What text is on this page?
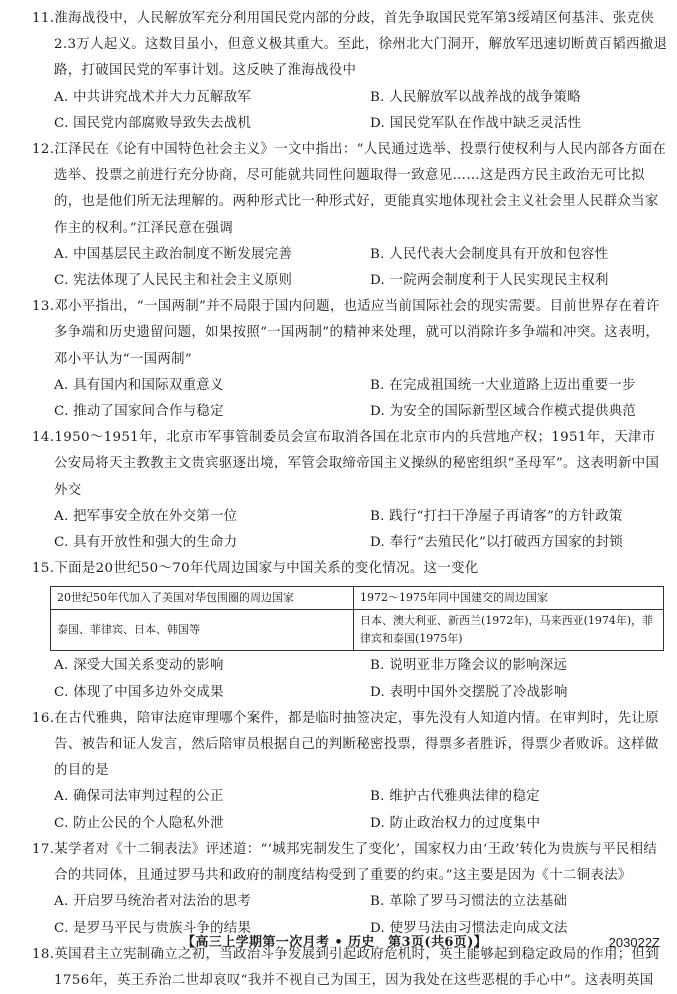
11.淮海战役中，人民解放军充分利用国民党内部的分歧，首先争取国民党军第3绥靖区何基沣、张克侠2.3万人起义。这数目虽小，但意义极其重大。至此，徐州北大门洞开，解放军迅速切断黄百韬西撤退路，打破国民党的军事计划。这反映了淮海战役中
A. 中共讲究战术并大力瓦解敌军	B. 人民解放军以战养战的战争策略
C. 国民党内部腐败导致失去战机	D. 国民党军队在作战中缺乏灵活性
12.江泽民在《论有中国特色社会主义》一文中指出：“人民通过选举、投票行使权利与人民内部各方面在选举、投票之前进行充分协商，尽可能就共同性问题取得一致意见……这是西方民主政治无可比拟的，也是他们所无法理解的。两种形式比一种形式好，更能真实地体现社会主义社会里人民群众当家作主的权利。”江泽民意在强调
A. 中国基层民主政治制度不断发展完善	B. 人民代表大会制度具有开放和包容性
C. 宪法体现了人民民主和社会主义原则	D. 一院两会制度利于人民实现民主权利
13.邓小平指出，“一国两制”并不局限于国内问题，也适应当前国际社会的现实需要。目前世界存在着许多争端和历史遗留问题，如果按照“一国两制”的精神来处理，就可以消除许多争端和冲突。这表明，邓小平认为“一国两制”
A. 具有国内和国际双重意义	B. 在完成祖国统一大业道路上迈出重要一步
C. 推动了国家间合作与稳定	D. 为安全的国际新型区域合作模式提供典范
14.1950～1951年，北京市军事管制委员会宣布取消各国在北京市内的兵营地产权；1951年，天津市公安局将天主教教主文贵宾驱逐出境，军管会取缔帝国主义操纵的秘密组织“圣母军”。这表明新中国外交
A. 把军事安全放在外交第一位	B. 践行“打扫干净屋子再请客”的方针政策
C. 具有开放性和强大的生命力	D. 奉行“去殖民化”以打破西方国家的封锁
15.下面是20世纪50～70年代周边国家与中国关系的变化情况。这一变化
20世纪50年代加入了美国对华包围圈的周边国家	1972～1975年同中国建交的周边国家
泰国、菲律宾、日本、韩国等	日本、澳大利亚、新西兰(1972年)，马来西亚(1974年)，菲律宾和泰国(1975年)
A. 深受大国关系变动的影响	B. 说明亚非万隆会议的影响深远
C. 体现了中国多边外交成果	D. 表明中国外交摆脱了冷战影响
16.在古代雅典，陪审法庭审理哪个案件，都是临时抽签决定，事先没有人知道内情。在审判时，先让原告、被告和证人发言，然后陪审员根据自己的判断秘密投票，得票多者胜诉，得票少者败诉。这样做的目的是
A. 确保司法审判过程的公正	B. 维护古代雅典法律的稳定
C. 防止公民的个人隐私外泄	D. 防止政治权力的过度集中
17.某学者对《十二铜表法》评述道：“‘城邦宪制发生了变化’，国家权力由‘王政’转化为贵族与平民相结合的共同体，且通过罗马共和政府的制度结构受到了重要的约束。”这主要是因为《十二铜表法》
A. 开启罗马统治者对法治的思考	B. 革除了罗马习惯法的立法基础
C. 是罗马平民与贵族斗争的结果	D. 使罗马法由习惯法走向成文法
18.英国君主立宪制确立之初，当政治斗争发展到引起政府危机时，英王能够起到稳定政局的作用；但到1756年，英王乔治二世却哀叹“我并不视自己为国王，因为我处在这些恶棍的手心中”。这表明英国
【高三上学期第一次月考 • 历史　第3页(共6页)】	203022Z
